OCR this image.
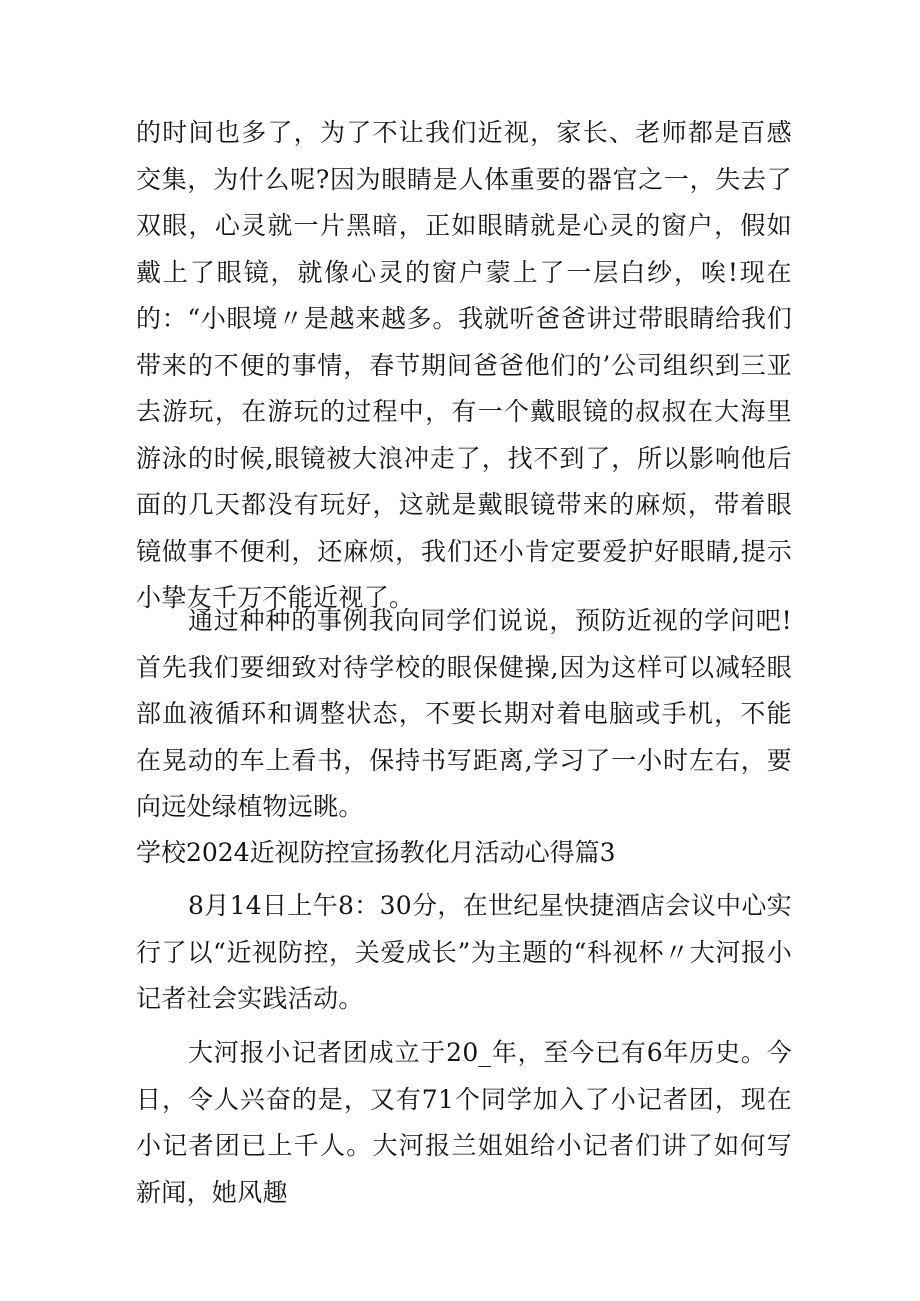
的时间也多了，为了不让我们近视，家长、老师都是百感交集，为什么呢?因为眼睛是人体重要的器官之一，失去了双眼，心灵就一片黑暗，正如眼睛就是心灵的窗户，假如戴上了眼镜，就像心灵的窗户蒙上了一层白纱，唉!现在的：“小眼境〃是越来越多。我就听爸爸讲过带眼睛给我们带来的不便的事情，春节期间爸爸他们的’公司组织到三亚去游玩，在游玩的过程中，有一个戴眼镜的叔叔在大海里游泳的时候,眼镜被大浪冲走了，找不到了，所以影响他后面的几天都没有玩好，这就是戴眼镜带来的麻烦，带着眼镜做事不便利，还麻烦，我们还小肯定要爱护好眼睛,提示小挚友千万不能近视了。

通过种种的事例我向同学们说说，预防近视的学问吧!首先我们要细致对待学校的眼保健操,因为这样可以减轻眼部血液循环和调整状态，不要长期对着电脑或手机，不能在晃动的车上看书，保持书写距离,学习了一小时左右，要向远处绿植物远眺。

学校2024近视防控宣扬教化月活动心得篇3

8月14日上午8：30分，在世纪星快捷酒店会议中心实行了以“近视防控，关爱成长”为主题的“科视杯〃大河报小记者社会实践活动。

大河报小记者团成立于20_年，至今已有6年历史。今日，令人兴奋的是，又有71个同学加入了小记者团，现在小记者团已上千人。大河报兰姐姐给小记者们讲了如何写新闻，她风趣
